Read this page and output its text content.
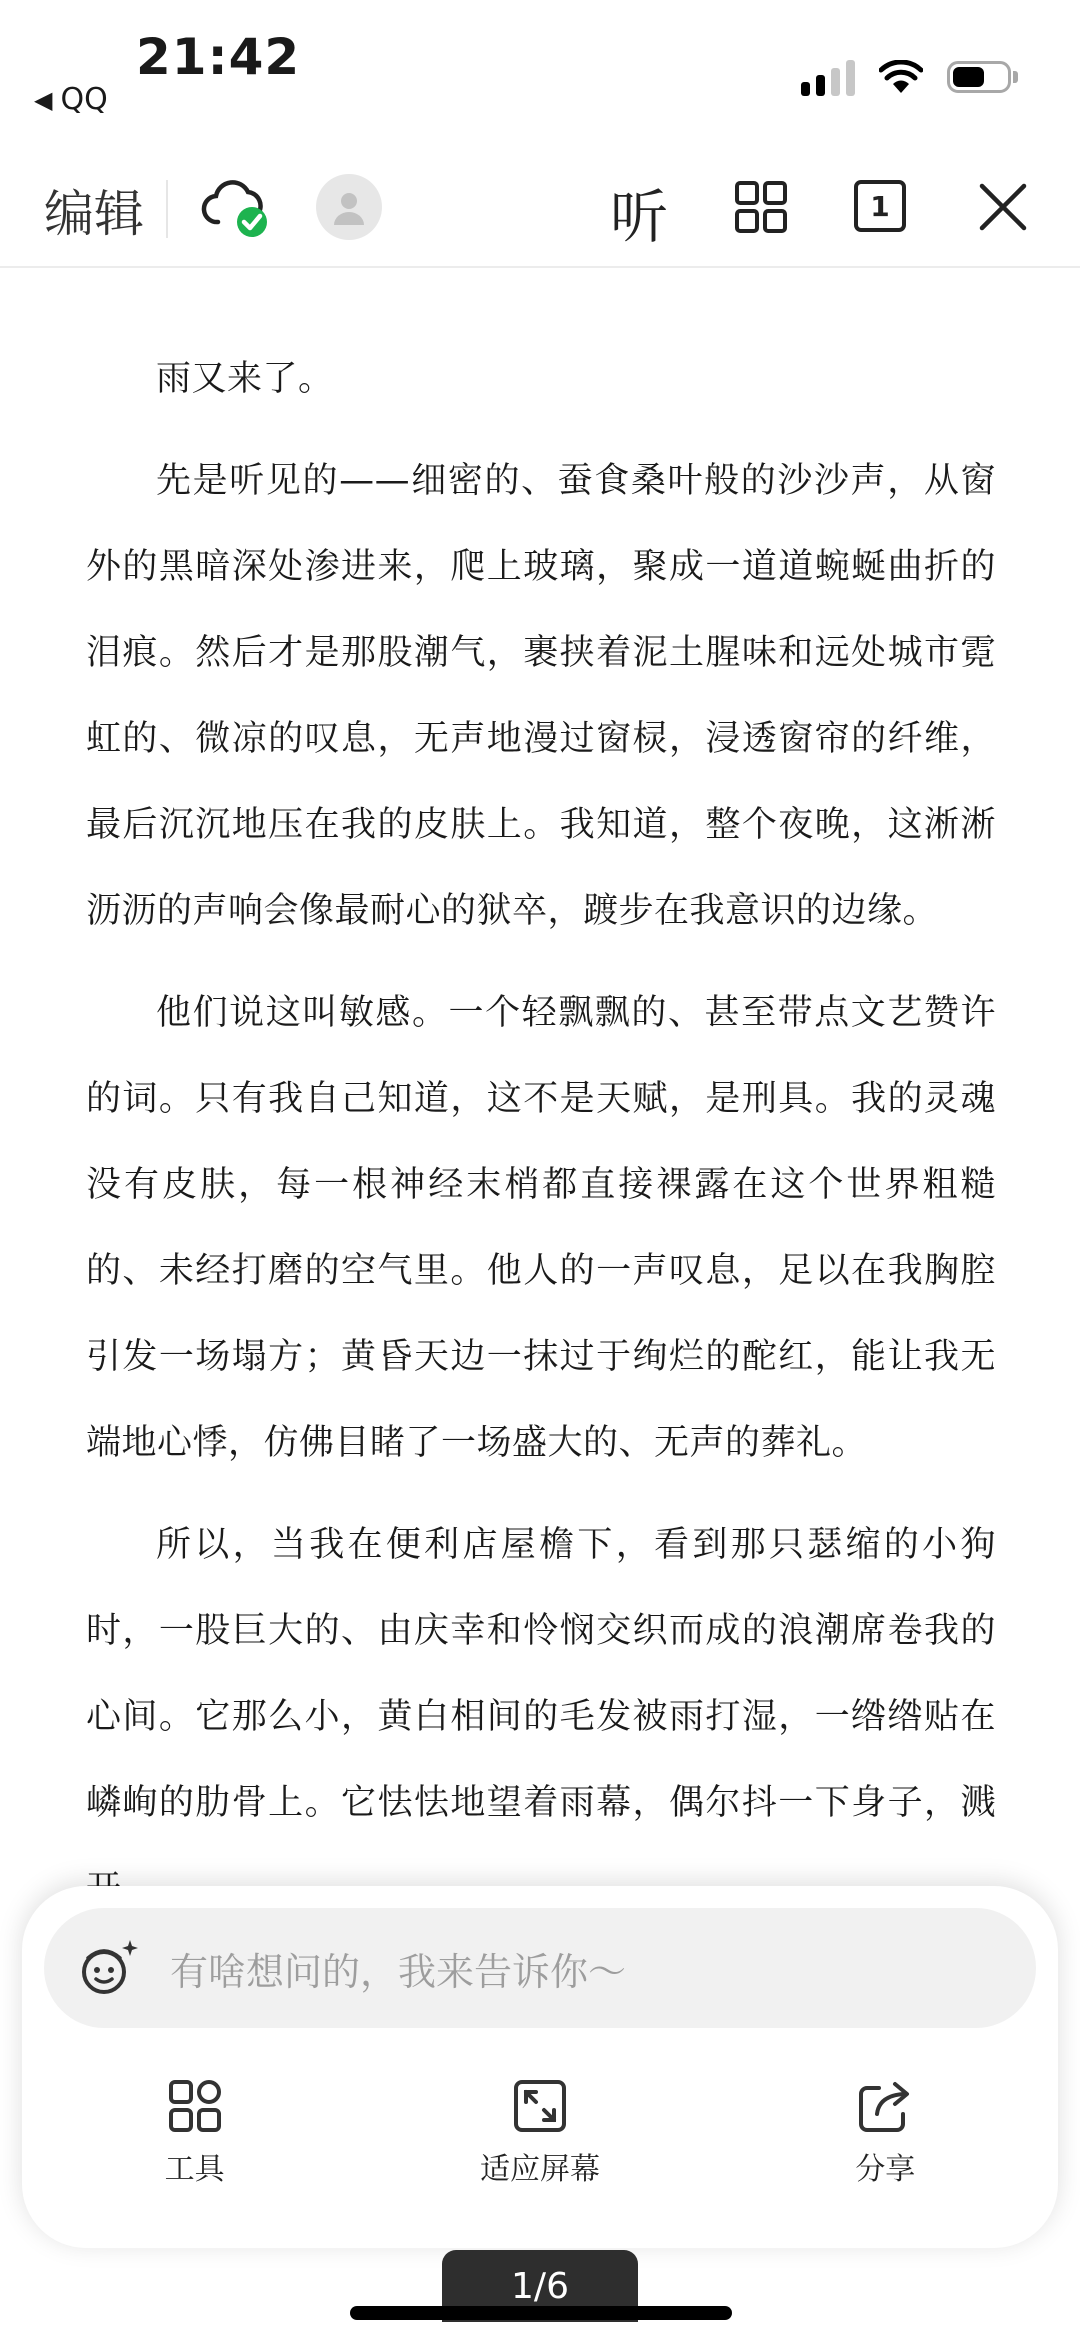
21:42
◀ QQ
编辑	听	1

雨又来了。

先是听见的——细密的、蚕食桑叶般的沙沙声，从窗外的黑暗深处渗进来，爬上玻璃，聚成一道道蜿蜒曲折的泪痕。然后才是那股潮气，裹挟着泥土腥味和远处城市霓虹的、微凉的叹息，无声地漫过窗棂，浸透窗帘的纤维，最后沉沉地压在我的皮肤上。我知道，整个夜晚，这淅淅沥沥的声响会像最耐心的狱卒，踱步在我意识的边缘。

他们说这叫敏感。一个轻飘飘的、甚至带点文艺赞许的词。只有我自己知道，这不是天赋，是刑具。我的灵魂没有皮肤，每一根神经末梢都直接裸露在这个世界粗糙的、未经打磨的空气里。他人的一声叹息，足以在我胸腔引发一场塌方；黄昏天边一抹过于绚烂的酡红，能让我无端地心悸，仿佛目睹了一场盛大的、无声的葬礼。

所以，当我在便利店屋檐下，看到那只瑟缩的小狗时，一股巨大的、由庆幸和怜悯交织而成的浪潮席卷我的心间。它那么小，黄白相间的毛发被雨打湿，一绺绺贴在嶙峋的肋骨上。它怯怯地望着雨幕，偶尔抖一下身子，溅

有啥想问的，我来告诉你～
工具	适应屏幕	分享
1/6
